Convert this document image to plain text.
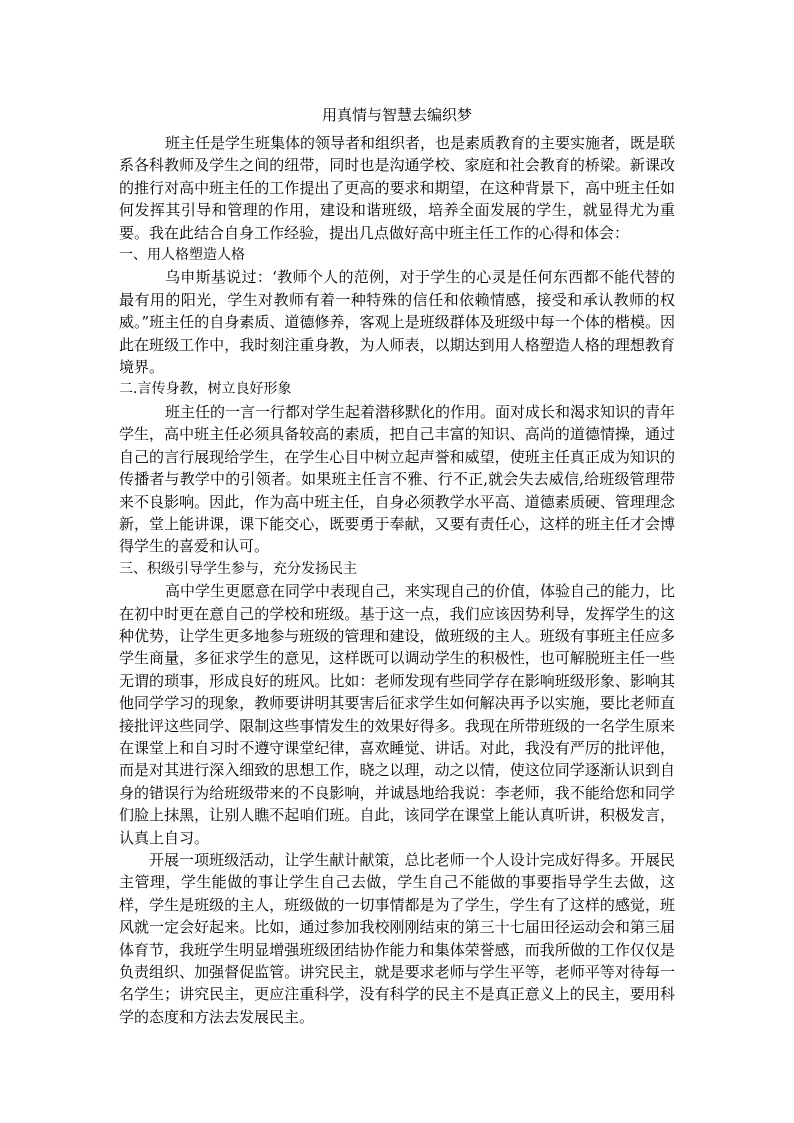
用真情与智慧去编织梦

班主任是学生班集体的领导者和组织者，也是素质教育的主要实施者，既是联系各科教师及学生之间的纽带，同时也是沟通学校、家庭和社会教育的桥梁。新课改的推行对高中班主任的工作提出了更高的要求和期望，在这种背景下，高中班主任如何发挥其引导和管理的作用，建设和谐班级，培养全面发展的学生，就显得尤为重要。我在此结合自身工作经验，提出几点做好高中班主任工作的心得和体会：

一、用人格塑造人格

乌申斯基说过：‘教师个人的范例，对于学生的心灵是任何东西都不能代替的最有用的阳光，学生对教师有着一种特殊的信任和依赖情感，接受和承认教师的权威。”班主任的自身素质、道德修养，客观上是班级群体及班级中每一个体的楷模。因此在班级工作中，我时刻注重身教，为人师表，以期达到用人格塑造人格的理想教育境界。

二.言传身教，树立良好形象

班主任的一言一行都对学生起着潜移默化的作用。面对成长和渴求知识的青年学生，高中班主任必须具备较高的素质，把自己丰富的知识、高尚的道德情操，通过自己的言行展现给学生，在学生心目中树立起声誉和威望，使班主任真正成为知识的传播者与教学中的引领者。如果班主任言不雅、行不正,就会失去威信,给班级管理带来不良影响。因此，作为高中班主任，自身必须教学水平高、道德素质硬、管理理念新，堂上能讲课，课下能交心，既要勇于奉献，又要有责任心，这样的班主任才会博得学生的喜爱和认可。

三、积级引导学生参与，充分发扬民主

高中学生更愿意在同学中表现自己，来实现自己的价值，体验自己的能力，比在初中时更在意自己的学校和班级。基于这一点，我们应该因势利导，发挥学生的这种优势，让学生更多地参与班级的管理和建设，做班级的主人。班级有事班主任应多学生商量，多征求学生的意见，这样既可以调动学生的积极性，也可解脱班主任一些无谓的琐事，形成良好的班风。比如：老师发现有些同学存在影响班级形象、影响其他同学学习的现象，教师要讲明其要害后征求学生如何解决再予以实施，要比老师直接批评这些同学、限制这些事情发生的效果好得多。我现在所带班级的一名学生原来在课堂上和自习时不遵守课堂纪律，喜欢睡觉、讲话。对此，我没有严厉的批评他，而是对其进行深入细致的思想工作，晓之以理，动之以情，使这位同学逐渐认识到自身的错误行为给班级带来的不良影响，并诚恳地给我说：李老师，我不能给您和同学们脸上抹黑，让别人瞧不起咱们班。自此，该同学在课堂上能认真听讲，积极发言，认真上自习。

开展一项班级活动，让学生献计献策，总比老师一个人设计完成好得多。开展民主管理，学生能做的事让学生自己去做，学生自己不能做的事要指导学生去做，这样，学生是班级的主人，班级做的一切事情都是为了学生，学生有了这样的感觉，班风就一定会好起来。比如，通过参加我校刚刚结束的第三十七届田径运动会和第三届体育节，我班学生明显增强班级团结协作能力和集体荣誉感，而我所做的工作仅仅是负责组织、加强督促监管。讲究民主，就是要求老师与学生平等，老师平等对待每一名学生；讲究民主，更应注重科学，没有科学的民主不是真正意义上的民主，要用科学的态度和方法去发展民主。
